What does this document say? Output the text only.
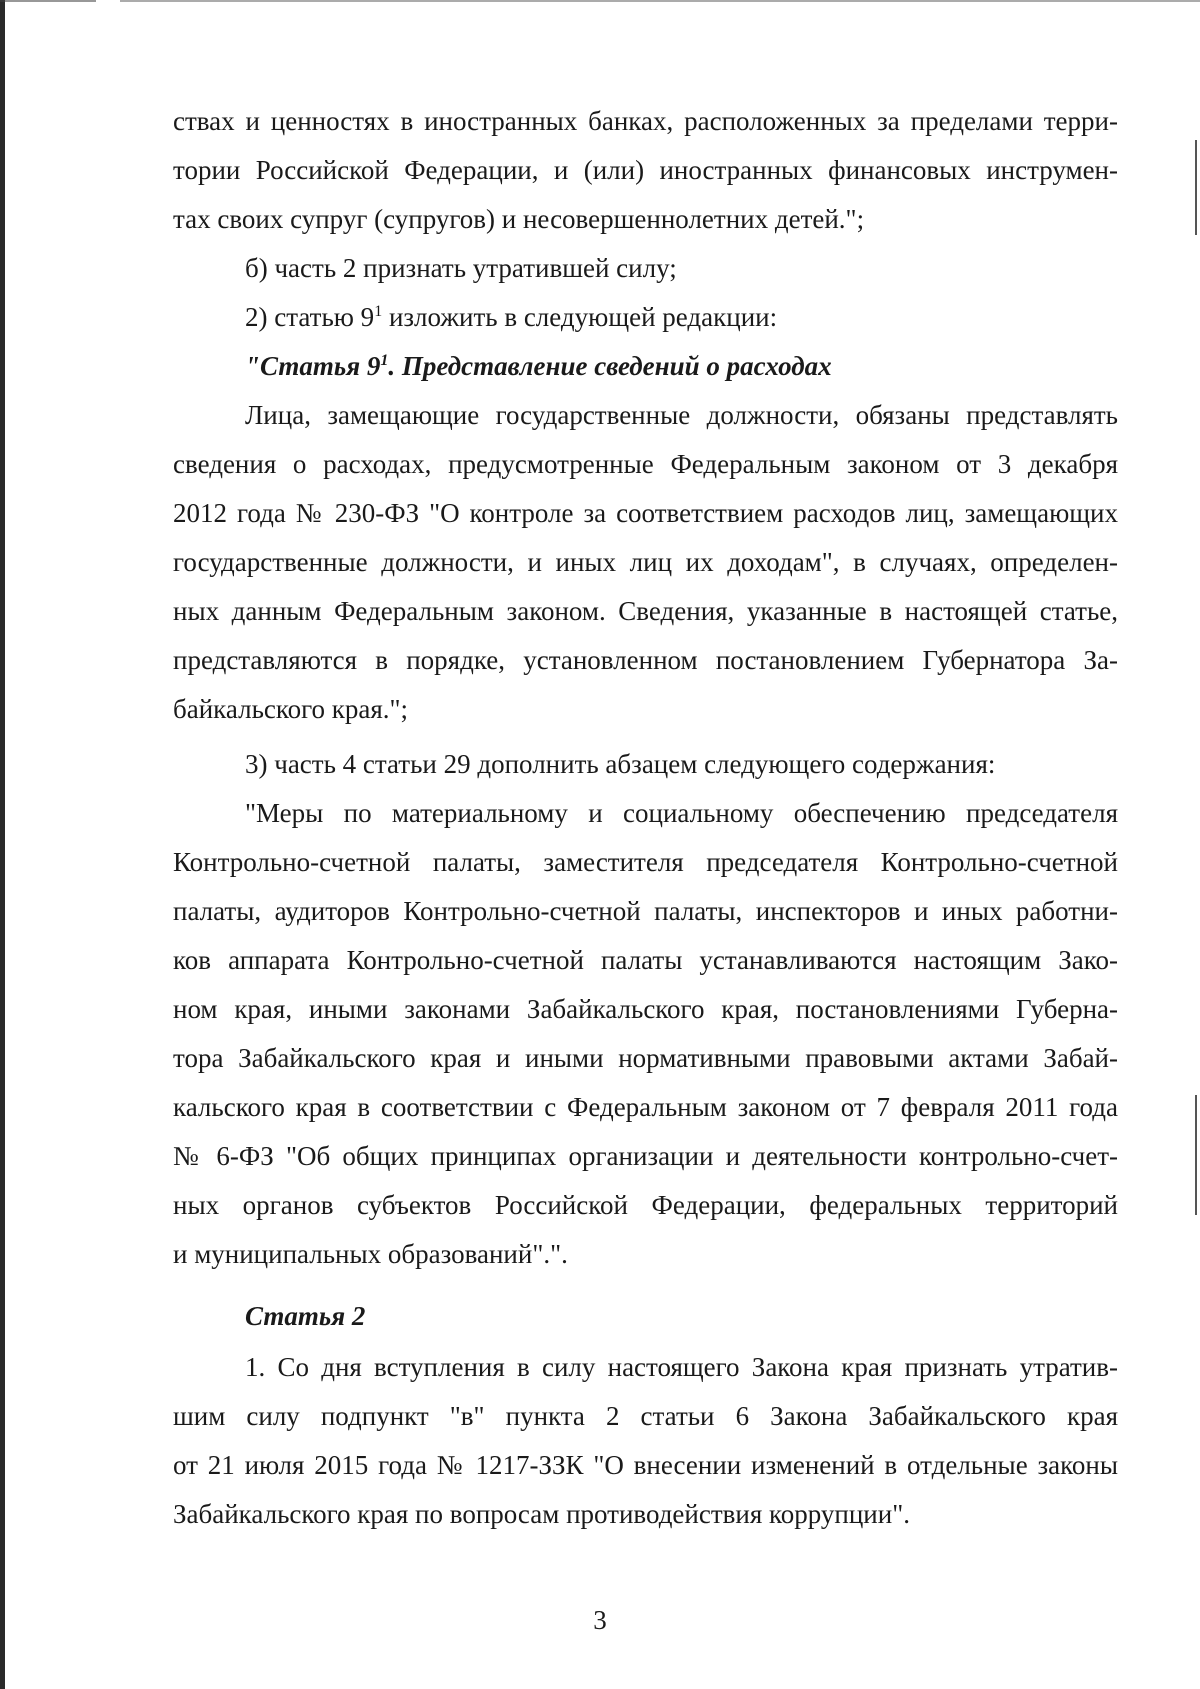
ствах и ценностях в иностранных банках, расположенных за пределами терри-
тории Российской Федерации, и (или) иностранных финансовых инструмен-
тах своих супруг (супругов) и несовершеннолетних детей.";
б) часть 2 признать утратившей силу;
2) статью $9^1$ изложить в следующей редакции:
"Статья $9^1$. Представление сведений о расходах
Лица, замещающие государственные должности, обязаны представлять
сведения о расходах, предусмотренные Федеральным законом от 3 декабря
2012 года № 230-ФЗ "О контроле за соответствием расходов лиц, замещающих
государственные должности, и иных лиц их доходам", в случаях, определен-
ных данным Федеральным законом. Сведения, указанные в настоящей статье,
представляются в порядке, установленном постановлением Губернатора За-
байкальского края.";
3) часть 4 статьи 29 дополнить абзацем следующего содержания:
"Меры по материальному и социальному обеспечению председателя
Контрольно-счетной палаты, заместителя председателя Контрольно-счетной
палаты, аудиторов Контрольно-счетной палаты, инспекторов и иных работни-
ков аппарата Контрольно-счетной палаты устанавливаются настоящим Зако-
ном края, иными законами Забайкальского края, постановлениями Губерна-
тора Забайкальского края и иными нормативными правовыми актами Забай-
кальского края в соответствии с Федеральным законом от 7 февраля 2011 года
№ 6-ФЗ "Об общих принципах организации и деятельности контрольно-счет-
ных органов субъектов Российской Федерации, федеральных территорий
и муниципальных образований".".
Статья 2
1. Со дня вступления в силу настоящего Закона края признать утратив-
шим силу подпункт "в" пункта 2 статьи 6 Закона Забайкальского края
от 21 июля 2015 года № 1217-ЗЗК "О внесении изменений в отдельные законы
Забайкальского края по вопросам противодействия коррупции".
3
